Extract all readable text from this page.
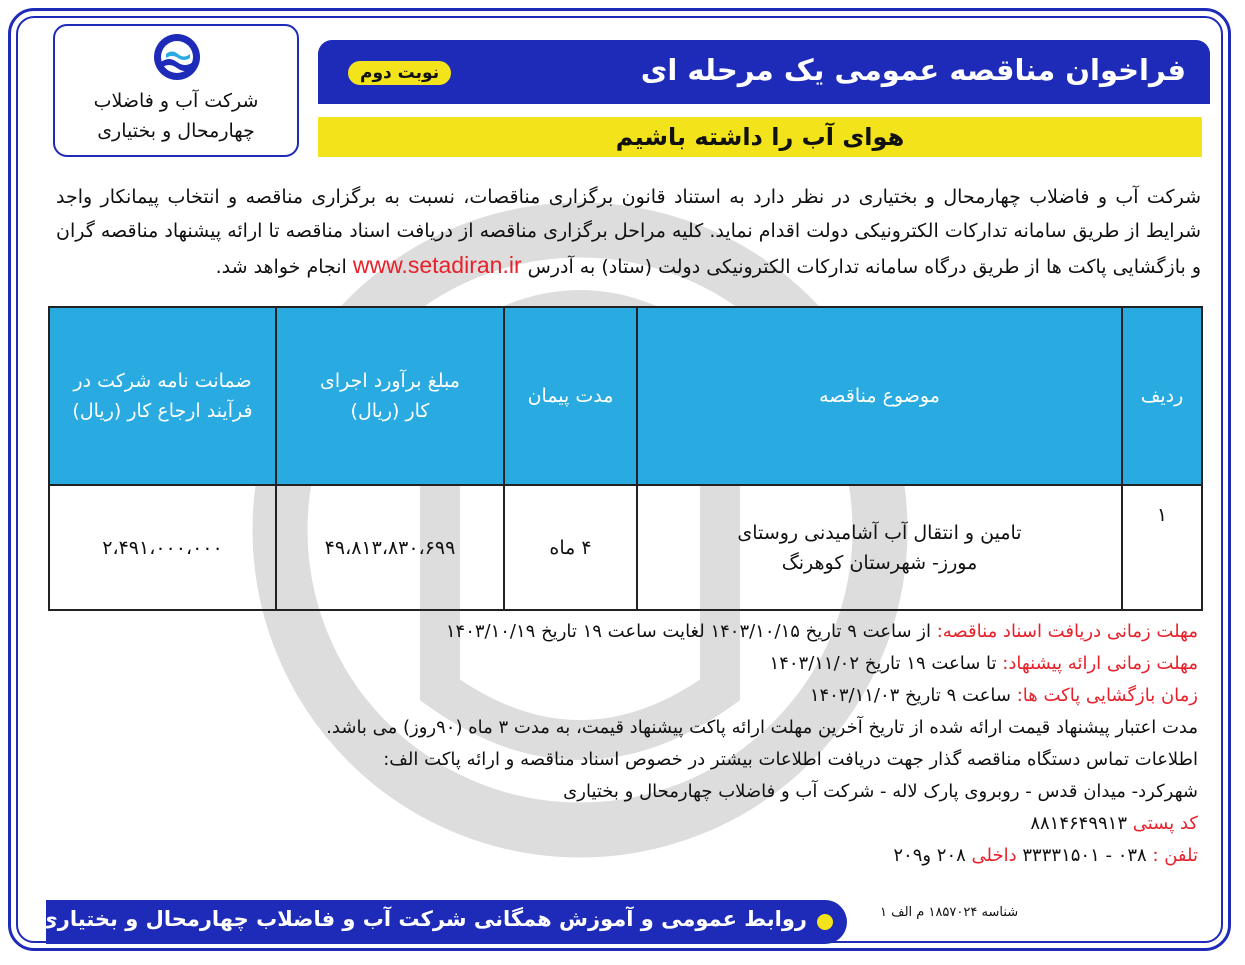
شرکت آب و فاضلاب
چهارمحال و بختیاری
فراخوان مناقصه عمومی یک مرحله ای
نوبت دوم
هوای آب را داشته باشیم
شرکت آب و فاضلاب چهارمحال و بختیاری در نظر دارد به استناد قانون برگزاری مناقصات، نسبت به برگزاری مناقصه و انتخاب پیمانکار واجد شرایط از طریق سامانه تدارکات الکترونیکی دولت اقدام نماید. کلیه مراحل برگزاری مناقصه از دریافت اسناد مناقصه تا ارائه پیشنهاد مناقصه گران و بازگشایی پاکت ها از طریق درگاه سامانه تدارکات الکترونیکی دولت (ستاد) به آدرس www.setadiran.ir انجام خواهد شد.
ردیف	موضوع مناقصه	مدت پیمان	مبلغ برآورد اجرای کار (ریال)	ضمانت نامه شرکت در فرآیند ارجاع کار (ریال)
۱	تامین و انتقال آب آشامیدنی روستای مورز- شهرستان کوهرنگ	۴ ماه	۴۹،۸۱۳،۸۳۰،۶۹۹	۲،۴۹۱،۰۰۰،۰۰۰
مهلت زمانی دریافت اسناد مناقصه: از ساعت ۹ تاریخ ۱۴۰۳/۱۰/۱۵ لغایت ساعت ۱۹ تاریخ ۱۴۰۳/۱۰/۱۹
مهلت زمانی ارائه پیشنهاد: تا ساعت ۱۹ تاریخ ۱۴۰۳/۱۱/۰۲
زمان بازگشایی پاکت ها: ساعت ۹ تاریخ ۱۴۰۳/۱۱/۰۳
مدت اعتبار پیشنهاد قیمت ارائه شده از تاریخ آخرین مهلت ارائه پاکت پیشنهاد قیمت، به مدت ۳ ماه (۹۰روز) می باشد.
اطلاعات تماس دستگاه مناقصه گذار جهت دریافت اطلاعات بیشتر در خصوص اسناد مناقصه و ارائه پاکت الف:
شهرکرد- میدان قدس - روبروی پارک لاله - شرکت آب و فاضلاب چهارمحال و بختیاری
کد پستی ۸۸۱۴۶۴۹۹۱۳
تلفن : ۰۳۸ - ۳۳۳۳۱۵۰۱ داخلی ۲۰۸ و۲۰۹
روابط عمومی و آموزش همگانی شرکت آب و فاضلاب چهارمحال و بختیاری	شناسه ۱۸۵۷۰۲۴ م الف ۱
